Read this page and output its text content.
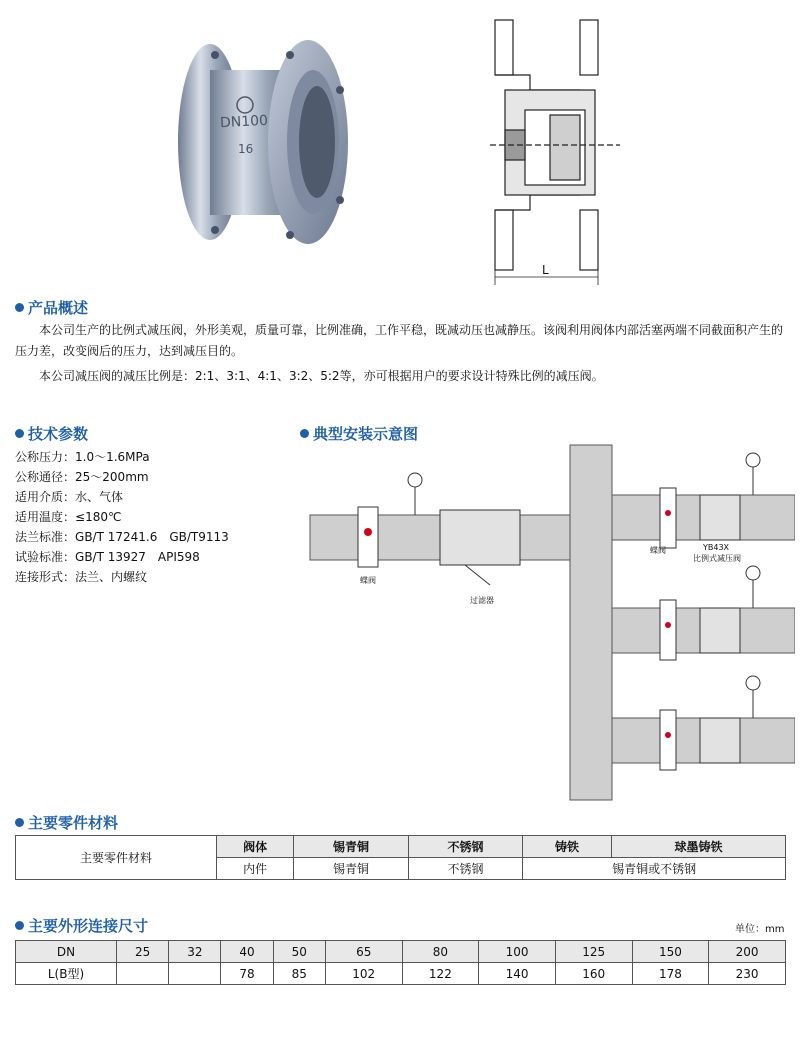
DN100
16
L
产品概述
本公司生产的比例式减压阀，外形美观，质量可靠，比例准确，工作平稳，既减动压也减静压。该阀利用阀体内部活塞两端不同截面积产生的压力差，改变阀后的压力，达到减压目的。
本公司减压阀的减压比例是：2:1、3:1、4:1、3:2、5:2等，亦可根据用户的要求设计特殊比例的减压阀。
技术参数
公称压力：1.0～1.6MPa
公称通径：25～200mm
适用介质：水、气体
适用温度：≤180℃
法兰标准：GB/T 17241.6　GB/T9113
试验标准：GB/T 13927　API598
连接形式：法兰、内螺纹
典型安装示意图
蝶阀
过滤器
蝶阀	YB43X
比例式减压阀
主要零件材料
主要零件材料	阀体	锡青铜	不锈钢	铸铁	球墨铸铁
	内件	锡青铜	不锈钢	锡青铜或不锈钢	
主要外形连接尺寸	单位：mm
DN	25	32	40	50	65	80	100	125	150	200
L(B型)			78	85	102	122	140	160	178	230
